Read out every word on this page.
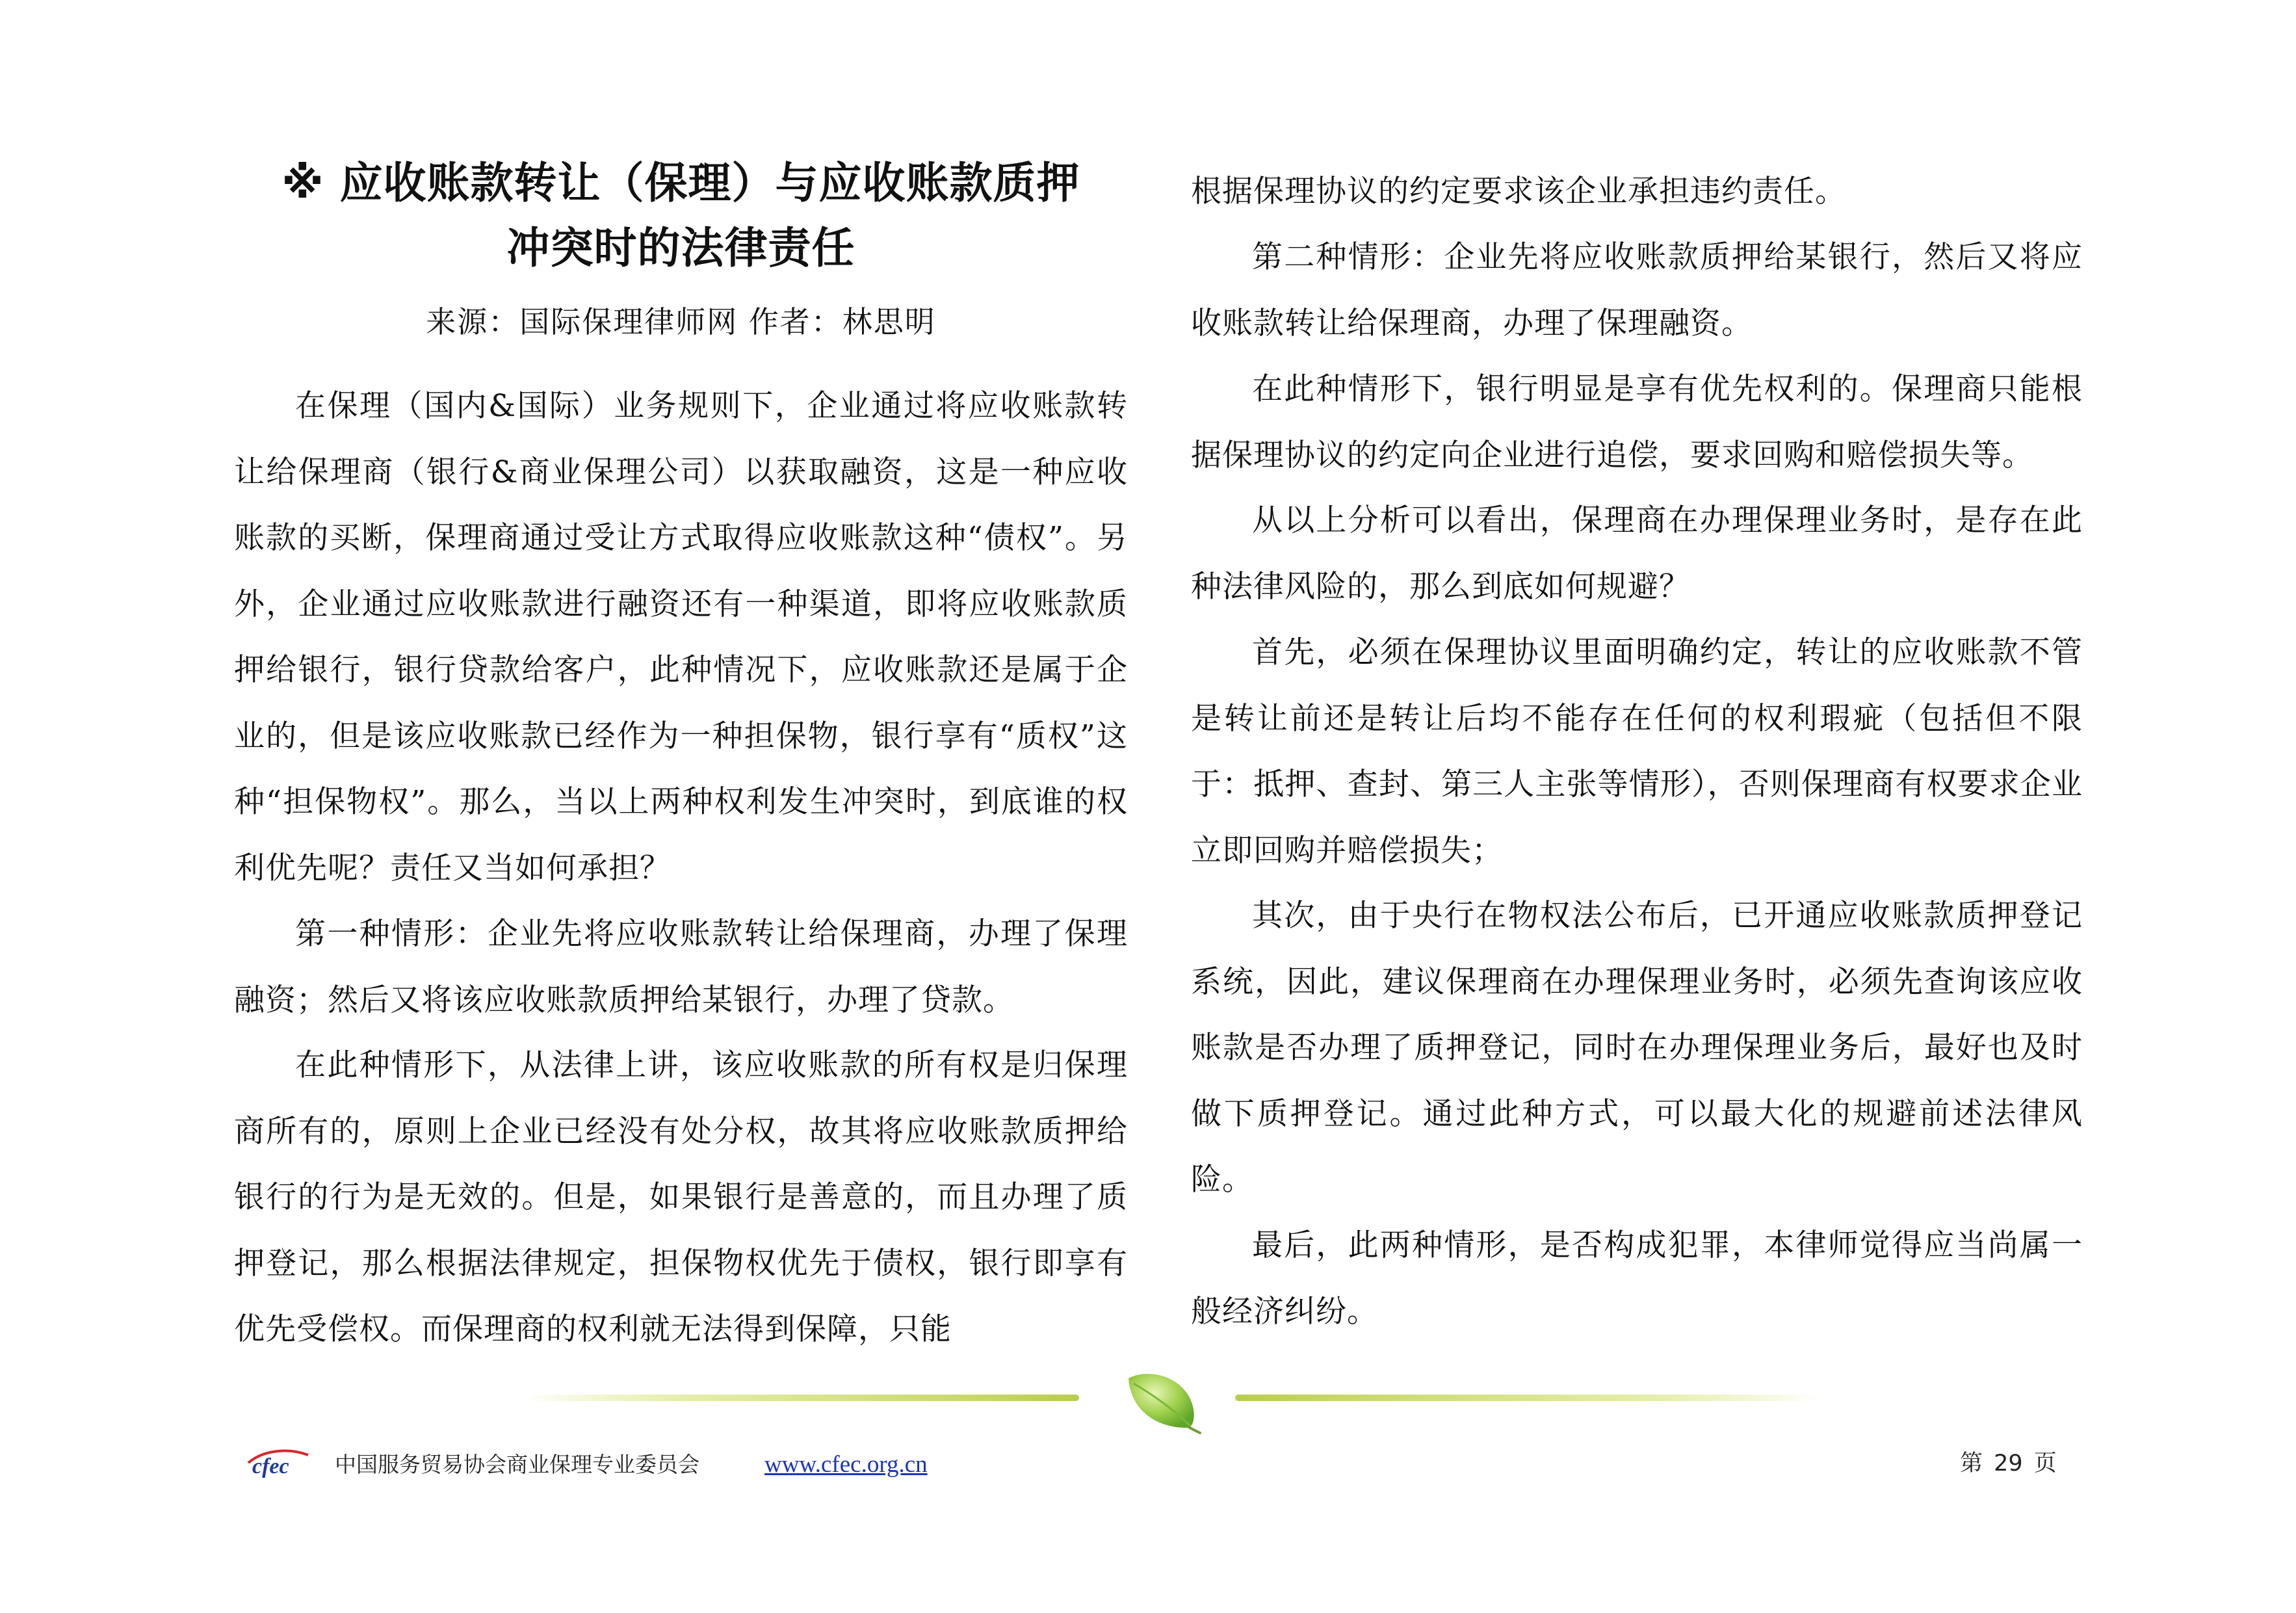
※ 应收账款转让（保理）与应收账款质押
冲突时的法律责任
来源：国际保理律师网 作者：林思明

在保理（国内&国际）业务规则下，企业通过将应收账款转让给保理商（银行&商业保理公司）以获取融资，这是一种应收账款的买断，保理商通过受让方式取得应收账款这种“债权”。另外，企业通过应收账款进行融资还有一种渠道，即将应收账款质押给银行，银行贷款给客户，此种情况下，应收账款还是属于企业的，但是该应收账款已经作为一种担保物，银行享有“质权”这种“担保物权”。那么，当以上两种权利发生冲突时，到底谁的权利优先呢？责任又当如何承担？

第一种情形：企业先将应收账款转让给保理商，办理了保理融资；然后又将该应收账款质押给某银行，办理了贷款。

在此种情形下，从法律上讲，该应收账款的所有权是归保理商所有的，原则上企业已经没有处分权，故其将应收账款质押给银行的行为是无效的。但是，如果银行是善意的，而且办理了质押登记，那么根据法律规定，担保物权优先于债权，银行即享有优先受偿权。而保理商的权利就无法得到保障，只能

根据保理协议的约定要求该企业承担违约责任。

第二种情形：企业先将应收账款质押给某银行，然后又将应收账款转让给保理商，办理了保理融资。

在此种情形下，银行明显是享有优先权利的。保理商只能根据保理协议的约定向企业进行追偿，要求回购和赔偿损失等。

从以上分析可以看出，保理商在办理保理业务时，是存在此种法律风险的，那么到底如何规避？

首先，必须在保理协议里面明确约定，转让的应收账款不管是转让前还是转让后均不能存在任何的权利瑕疵（包括但不限于：抵押、查封、第三人主张等情形），否则保理商有权要求企业立即回购并赔偿损失；

其次，由于央行在物权法公布后，已开通应收账款质押登记系统，因此，建议保理商在办理保理业务时，必须先查询该应收账款是否办理了质押登记，同时在办理保理业务后，最好也及时做下质押登记。通过此种方式，可以最大化的规避前述法律风险。

最后，此两种情形，是否构成犯罪，本律师觉得应当尚属一般经济纠纷。

cfec 中国服务贸易协会商业保理专业委员会	www.cfec.org.cn	第 29 页
